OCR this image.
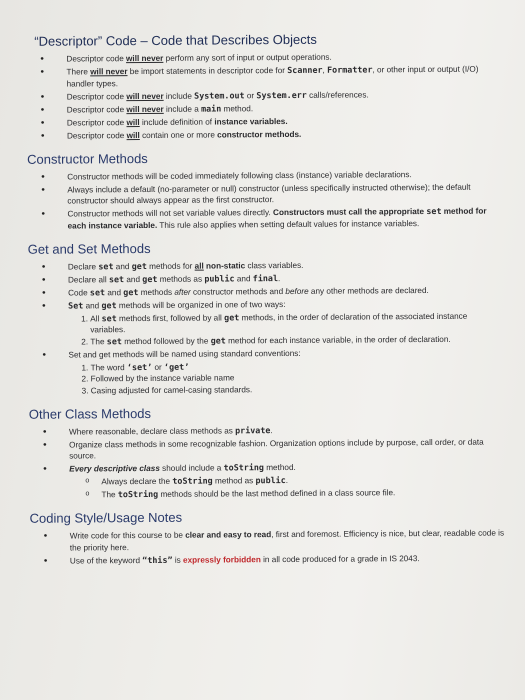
“Descriptor” Code – Code that Describes Objects
• Descriptor code will never perform any sort of input or output operations.
• There will never be import statements in descriptor code for Scanner, Formatter, or other input or output (I/O) handler types.
• Descriptor code will never include System.out or System.err calls/references.
• Descriptor code will never include a main method.
• Descriptor code will include definition of instance variables.
• Descriptor code will contain one or more constructor methods.
Constructor Methods
• Constructor methods will be coded immediately following class (instance) variable declarations.
• Always include a default (no-parameter or null) constructor (unless specifically instructed otherwise); the default constructor should always appear as the first constructor.
• Constructor methods will not set variable values directly. Constructors must call the appropriate set method for each instance variable. This rule also applies when setting default values for instance variables.
Get and Set Methods
• Declare set and get methods for all non-static class variables.
• Declare all set and get methods as public and final.
• Code set and get methods after constructor methods and before any other methods are declared.
• Set and get methods will be organized in one of two ways:
1. All set methods first, followed by all get methods, in the order of declaration of the associated instance variables.
2. The set method followed by the get method for each instance variable, in the order of declaration.
• Set and get methods will be named using standard conventions:
1. The word ‘set’ or ‘get’
2. Followed by the instance variable name
3. Casing adjusted for camel-casing standards.
Other Class Methods
• Where reasonable, declare class methods as private.
• Organize class methods in some recognizable fashion. Organization options include by purpose, call order, or data source.
• Every descriptive class should include a toString method.
o Always declare the toString method as public.
o The toString methods should be the last method defined in a class source file.
Coding Style/Usage Notes
• Write code for this course to be clear and easy to read, first and foremost. Efficiency is nice, but clear, readable code is the priority here.
• Use of the keyword “this” is expressly forbidden in all code produced for a grade in IS 2043.
